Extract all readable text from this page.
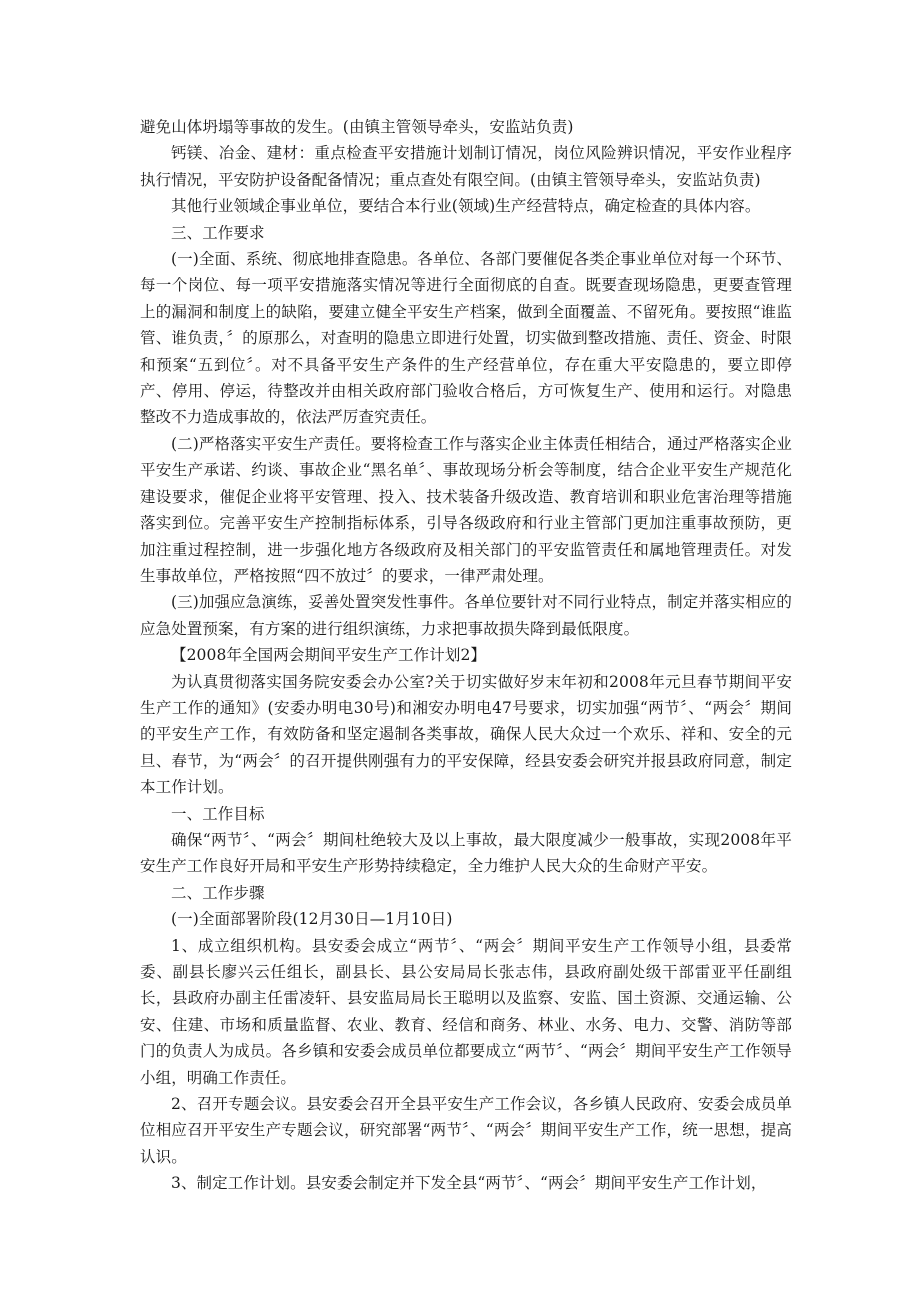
避免山体坍塌等事故的发生。(由镇主管领导牵头，安监站负责)

钙镁、冶金、建材：重点检查平安措施计划制订情况，岗位风险辨识情况，平安作业程序执行情况，平安防护设备配备情况；重点查处有限空间。(由镇主管领导牵头，安监站负责)

其他行业领域企事业单位，要结合本行业(领域)生产经营特点，确定检查的具体内容。

三、工作要求

(一)全面、系统、彻底地排查隐患。各单位、各部门要催促各类企事业单位对每一个环节、每一个岗位、每一项平安措施落实情况等进行全面彻底的自查。既要查现场隐患，更要查管理上的漏洞和制度上的缺陷，要建立健全平安生产档案，做到全面覆盖、不留死角。要按照“谁监管、谁负责，〞的原那么，对查明的隐患立即进行处置，切实做到整改措施、责任、资金、时限和预案“五到位〞。对不具备平安生产条件的生产经营单位，存在重大平安隐患的，要立即停产、停用、停运，待整改并由相关政府部门验收合格后，方可恢复生产、使用和运行。对隐患整改不力造成事故的，依法严厉查究责任。

(二)严格落实平安生产责任。要将检查工作与落实企业主体责任相结合，通过严格落实企业平安生产承诺、约谈、事故企业“黑名单〞、事故现场分析会等制度，结合企业平安生产规范化建设要求，催促企业将平安管理、投入、技术装备升级改造、教育培训和职业危害治理等措施落实到位。完善平安生产控制指标体系，引导各级政府和行业主管部门更加注重事故预防，更加注重过程控制，进一步强化地方各级政府及相关部门的平安监管责任和属地管理责任。对发生事故单位，严格按照“四不放过〞的要求，一律严肃处理。

(三)加强应急演练，妥善处置突发性事件。各单位要针对不同行业特点，制定并落实相应的应急处置预案，有方案的进行组织演练，力求把事故损失降到最低限度。

【2008年全国两会期间平安生产工作计划2】

为认真贯彻落实国务院安委会办公室?关于切实做好岁末年初和2008年元旦春节期间平安生产工作的通知》(安委办明电30号)和湘安办明电47号要求，切实加强“两节〞、“两会〞期间的平安生产工作，有效防备和坚定遏制各类事故，确保人民大众过一个欢乐、祥和、安全的元旦、春节，为“两会〞的召开提供刚强有力的平安保障，经县安委会研究并报县政府同意，制定本工作计划。

一、工作目标

确保“两节〞、“两会〞期间杜绝较大及以上事故，最大限度减少一般事故，实现2008年平安生产工作良好开局和平安生产形势持续稳定，全力维护人民大众的生命财产平安。

二、工作步骤

(一)全面部署阶段(12月30日—1月10日)

1、成立组织机构。县安委会成立“两节〞、“两会〞期间平安生产工作领导小组，县委常委、副县长廖兴云任组长，副县长、县公安局局长张志伟，县政府副处级干部雷亚平任副组长，县政府办副主任雷凌轩、县安监局局长王聪明以及监察、安监、国土资源、交通运输、公安、住建、市场和质量监督、农业、教育、经信和商务、林业、水务、电力、交警、消防等部门的负责人为成员。各乡镇和安委会成员单位都要成立“两节〞、“两会〞期间平安生产工作领导小组，明确工作责任。

2、召开专题会议。县安委会召开全县平安生产工作会议，各乡镇人民政府、安委会成员单位相应召开平安生产专题会议，研究部署“两节〞、“两会〞期间平安生产工作，统一思想，提高认识。

3、制定工作计划。县安委会制定并下发全县“两节〞、“两会〞期间平安生产工作计划，
